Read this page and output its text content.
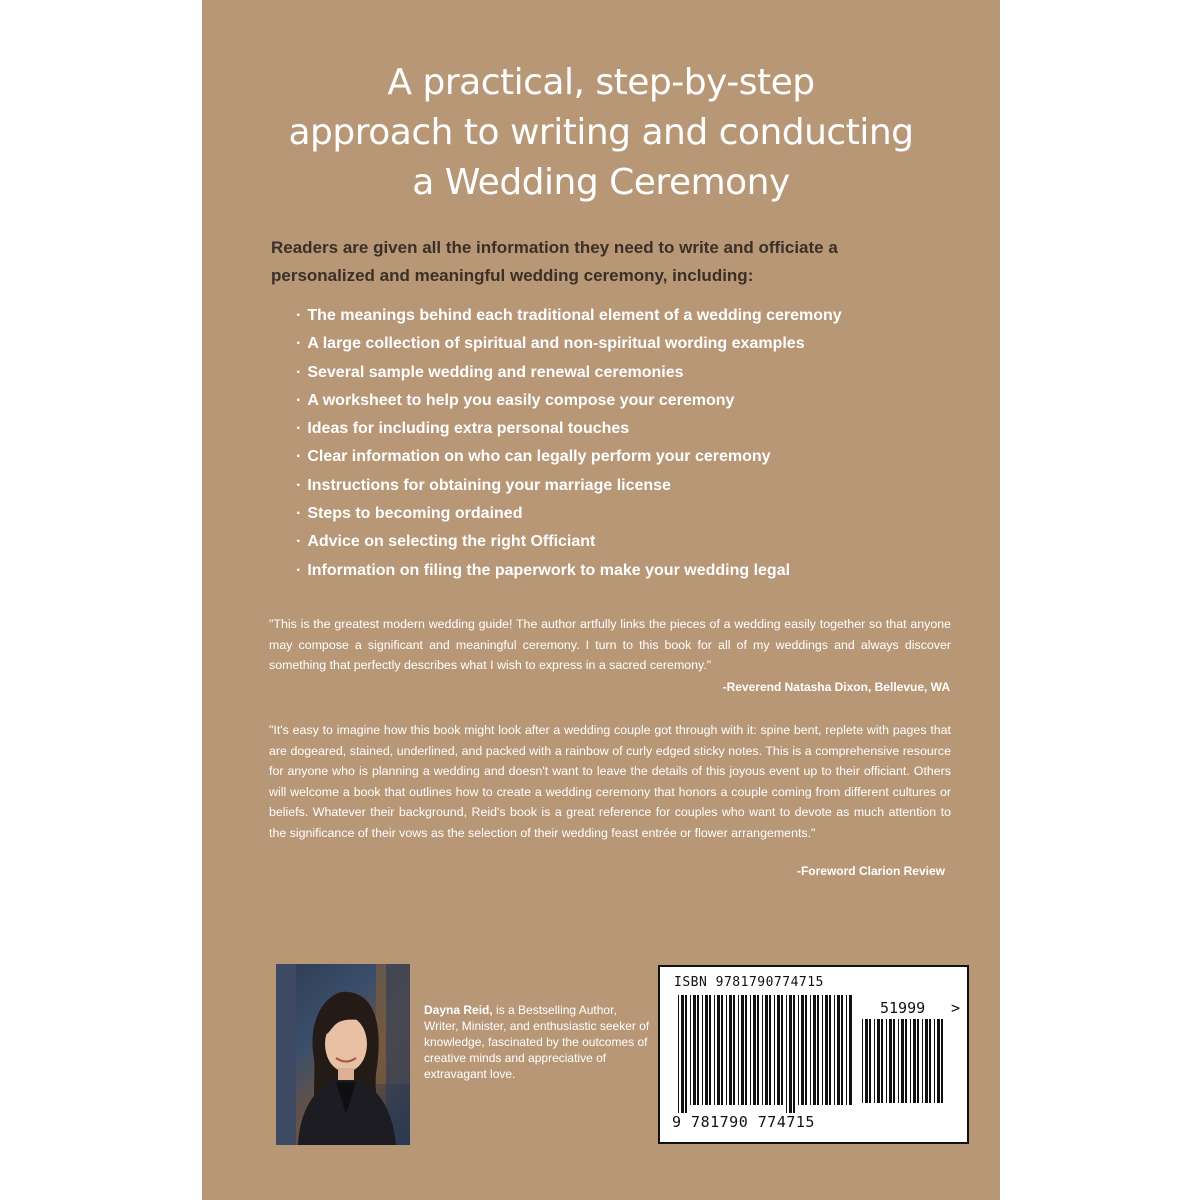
A practical, step-by-step
approach to writing and conducting
a Wedding Ceremony

Readers are given all the information they need to write and officiate a personalized and meaningful wedding ceremony, including:

· The meanings behind each traditional element of a wedding ceremony
· A large collection of spiritual and non-spiritual wording examples
· Several sample wedding and renewal ceremonies
· A worksheet to help you easily compose your ceremony
· Ideas for including extra personal touches
· Clear information on who can legally perform your ceremony
· Instructions for obtaining your marriage license
· Steps to becoming ordained
· Advice on selecting the right Officiant
· Information on filing the paperwork to make your wedding legal

"This is the greatest modern wedding guide! The author artfully links the pieces of a wedding easily together so that anyone may compose a significant and meaningful ceremony. I turn to this book for all of my weddings and always discover something that perfectly describes what I wish to express in a sacred ceremony."

-Reverend Natasha Dixon, Bellevue, WA

"It's easy to imagine how this book might look after a wedding couple got through with it: spine bent, replete with pages that are dogeared, stained, underlined, and packed with a rainbow of curly edged sticky notes. This is a comprehensive resource for anyone who is planning a wedding and doesn't want to leave the details of this joyous event up to their officiant. Others will welcome a book that outlines how to create a wedding ceremony that honors a couple coming from different cultures or beliefs. Whatever their background, Reid's book is a great reference for couples who want to devote as much attention to the significance of their vows as the selection of their wedding feast entrée or flower arrangements."

-Foreword Clarion Review

Dayna Reid, is a Bestselling Author, Writer, Minister, and enthusiastic seeker of knowledge, fascinated by the outcomes of creative minds and appreciative of extravagant love.

ISBN 9781790774715
51999 >
9 781790 774715
